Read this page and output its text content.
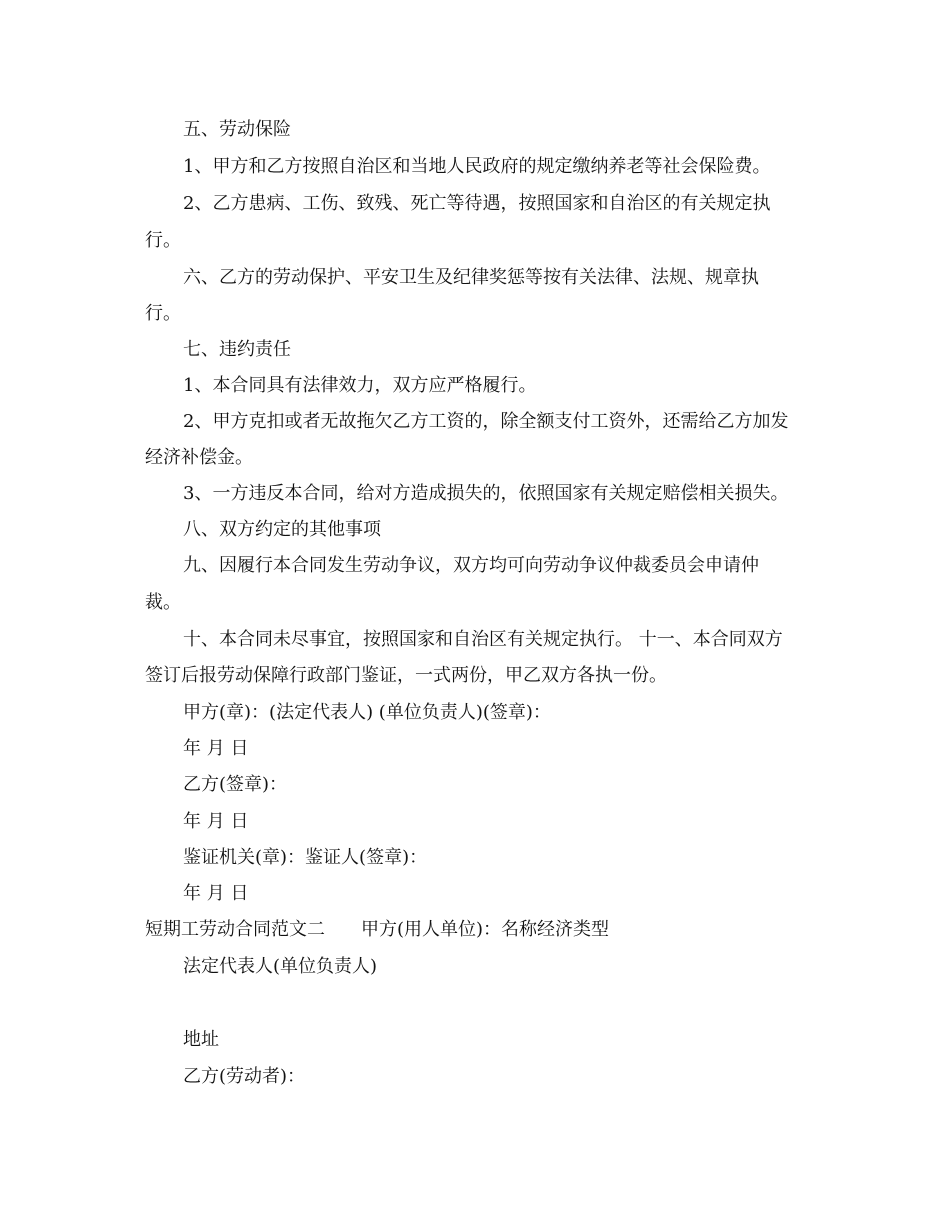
五、劳动保险
1、甲方和乙方按照自治区和当地人民政府的规定缴纳养老等社会保险费。
2、乙方患病、工伤、致残、死亡等待遇，按照国家和自治区的有关规定执
行。
六、乙方的劳动保护、平安卫生及纪律奖惩等按有关法律、法规、规章执
行。
七、违约责任
1、本合同具有法律效力，双方应严格履行。
2、甲方克扣或者无故拖欠乙方工资的，除全额支付工资外，还需给乙方加发
经济补偿金。
3、一方违反本合同，给对方造成损失的，依照国家有关规定赔偿相关损失。
八、双方约定的其他事项
九、因履行本合同发生劳动争议，双方均可向劳动争议仲裁委员会申请仲
裁。
十、本合同未尽事宜，按照国家和自治区有关规定执行。 十一、本合同双方
签订后报劳动保障行政部门鉴证，一式两份，甲乙双方各执一份。
甲方(章)：(法定代表人) (单位负责人)(签章)：
年 月 日
乙方(签章)：
年 月 日
鉴证机关(章)：鉴证人(签章)：
年 月 日
短期工劳动合同范文二　　甲方(用人单位)：名称经济类型
法定代表人(单位负责人)
地址
乙方(劳动者)：
